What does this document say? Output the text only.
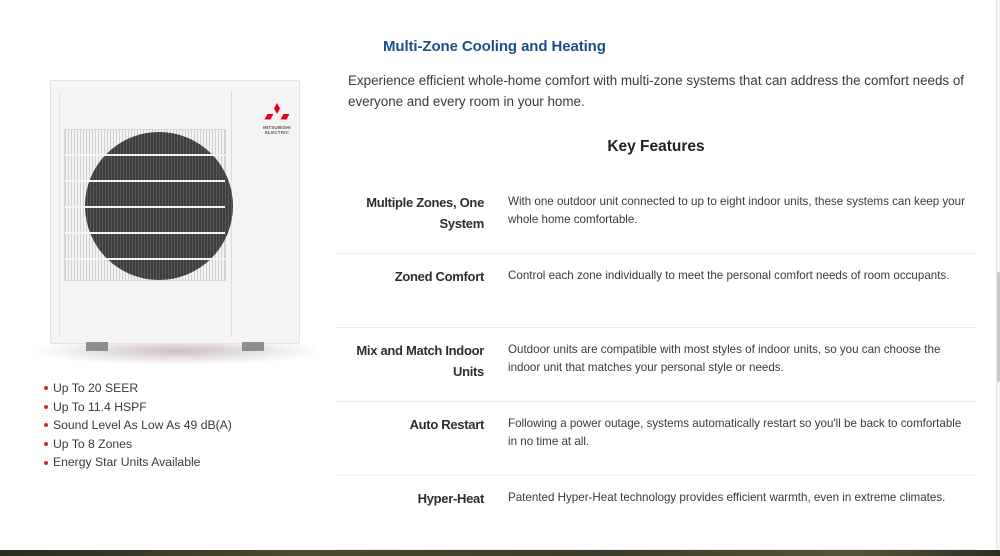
Multi-Zone Cooling and Heating

Experience efficient whole-home comfort with multi-zone systems that can address the comfort needs of everyone and every room in your home.

MITSUBISHI
ELECTRIC
Up To 20 SEER
Up To 11.4 HSPF
Sound Level As Low As 49 dB(A)
Up To 8 Zones
Energy Star Units Available
Key Features
Multiple Zones, One System
With one outdoor unit connected to up to eight indoor units, these systems can keep your whole home comfortable.
Zoned Comfort Control each zone individually to meet the personal comfort needs of room occupants.
Mix and Match Indoor Units
Outdoor units are compatible with most styles of indoor units, so you can choose the indoor unit that matches your personal style or needs.
Auto Restart Following a power outage, systems automatically restart so you'll be back to comfortable in no time at all.
Hyper-Heat Patented Hyper-Heat technology provides efficient warmth, even in extreme climates.
